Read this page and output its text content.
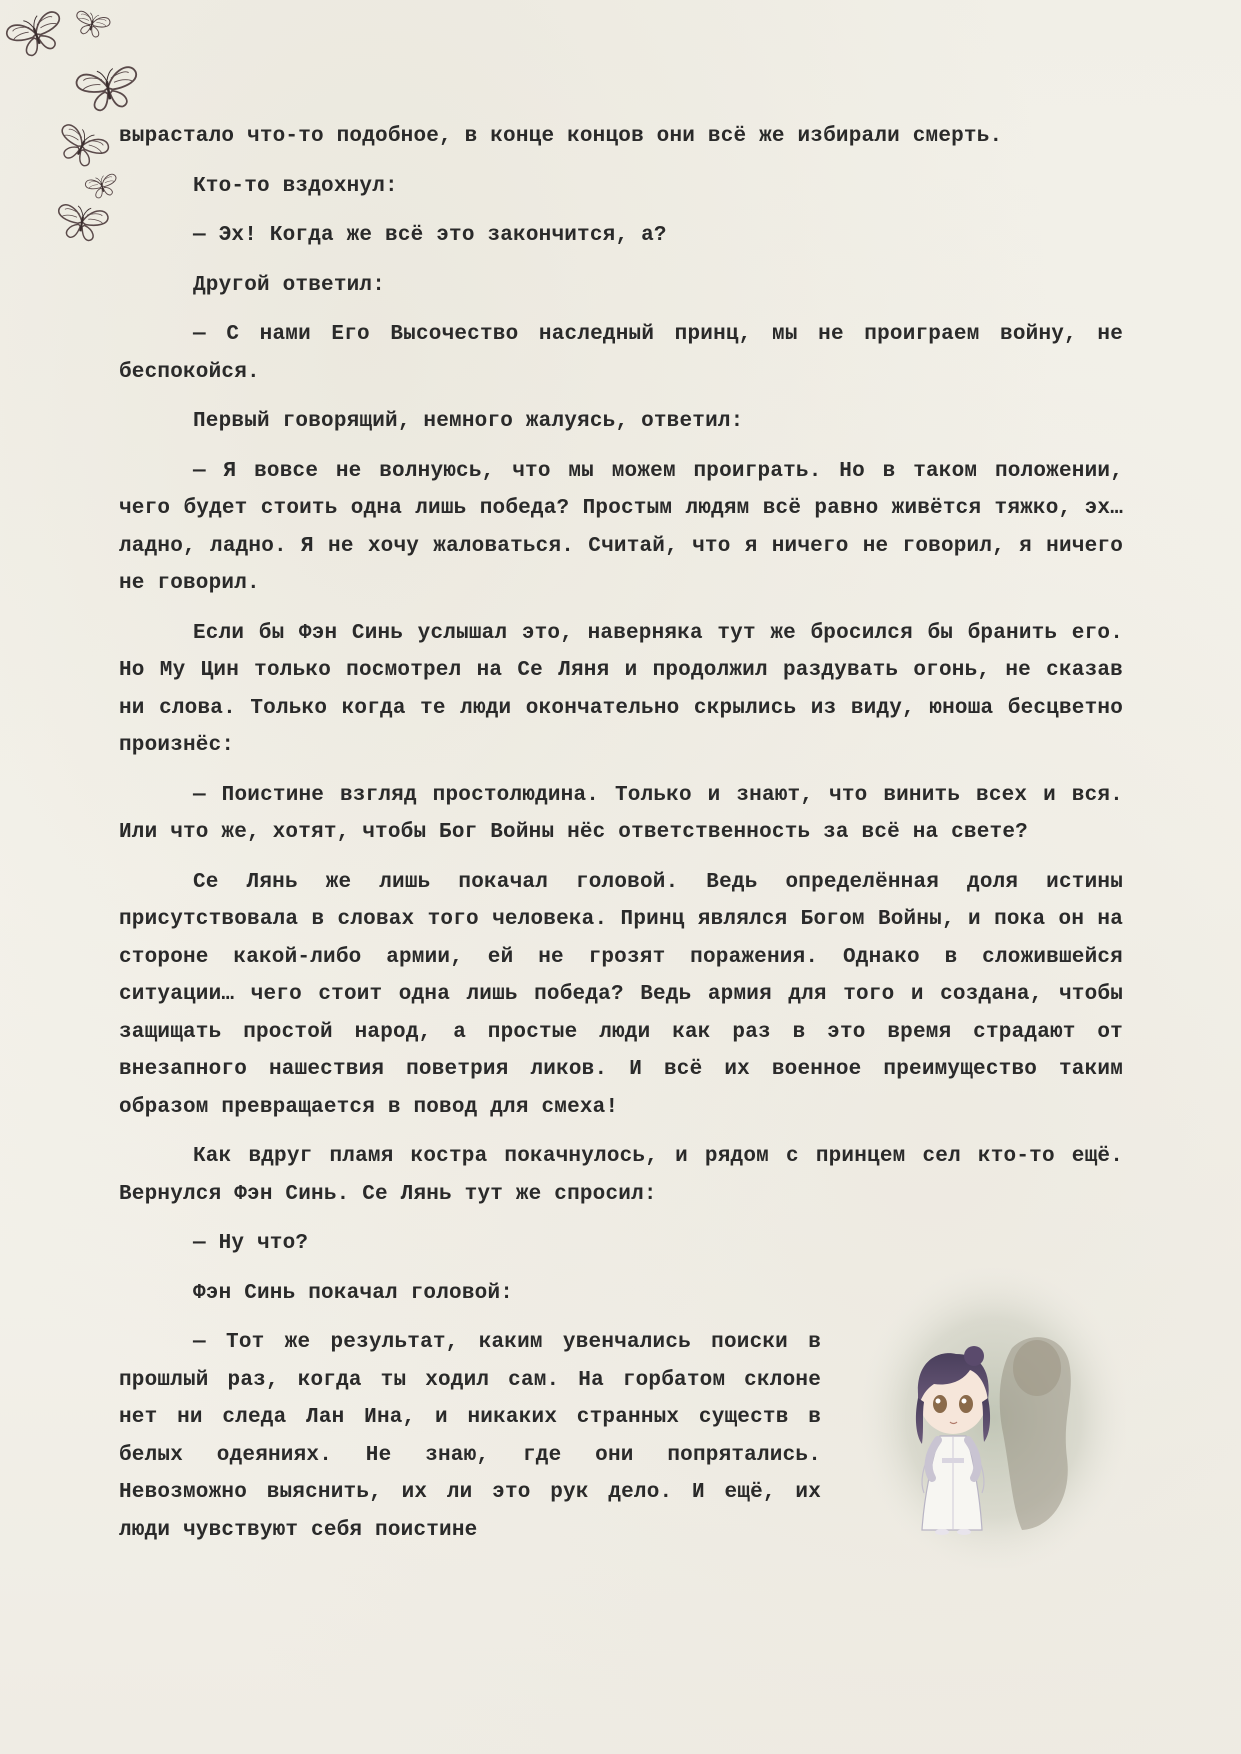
вырастало что-то подобное, в конце концов они всё же избирали смерть.

Кто-то вздохнул:

— Эх! Когда же всё это закончится, а?

Другой ответил:

— С нами Его Высочество наследный принц, мы не проиграем войну, не беспокойся.

Первый говорящий, немного жалуясь, ответил:

— Я вовсе не волнуюсь, что мы можем проиграть. Но в таком положении, чего будет стоить одна лишь победа? Простым людям всё равно живётся тяжко, эх… ладно, ладно. Я не хочу жаловаться. Считай, что я ничего не говорил, я ничего не говорил.

Если бы Фэн Синь услышал это, наверняка тут же бросился бы бранить его. Но Му Цин только посмотрел на Се Ляня и продолжил раздувать огонь, не сказав ни слова. Только когда те люди окончательно скрылись из виду, юноша бесцветно произнёс:

— Поистине взгляд простолюдина. Только и знают, что винить всех и вся. Или что же, хотят, чтобы Бог Войны нёс ответственность за всё на свете?

Се Лянь же лишь покачал головой. Ведь определённая доля истины присутствовала в словах того человека. Принц являлся Богом Войны, и пока он на стороне какой-либо армии, ей не грозят поражения. Однако в сложившейся ситуации… чего стоит одна лишь победа? Ведь армия для того и создана, чтобы защищать простой народ, а простые люди как раз в это время страдают от внезапного нашествия поветрия ликов. И всё их военное преимущество таким образом превращается в повод для смеха!

Как вдруг пламя костра покачнулось, и рядом с принцем сел кто-то ещё. Вернулся Фэн Синь. Се Лянь тут же спросил:

— Ну что?

Фэн Синь покачал головой:

— Тот же результат, каким увенчались поиски в прошлый раз, когда ты ходил сам. На горбатом склоне нет ни следа Лан Ина, и никаких странных существ в белых одеяниях. Не знаю, где они попрятались. Невозможно выяснить, их ли это рук дело. И ещё, их люди чувствуют себя поистине
